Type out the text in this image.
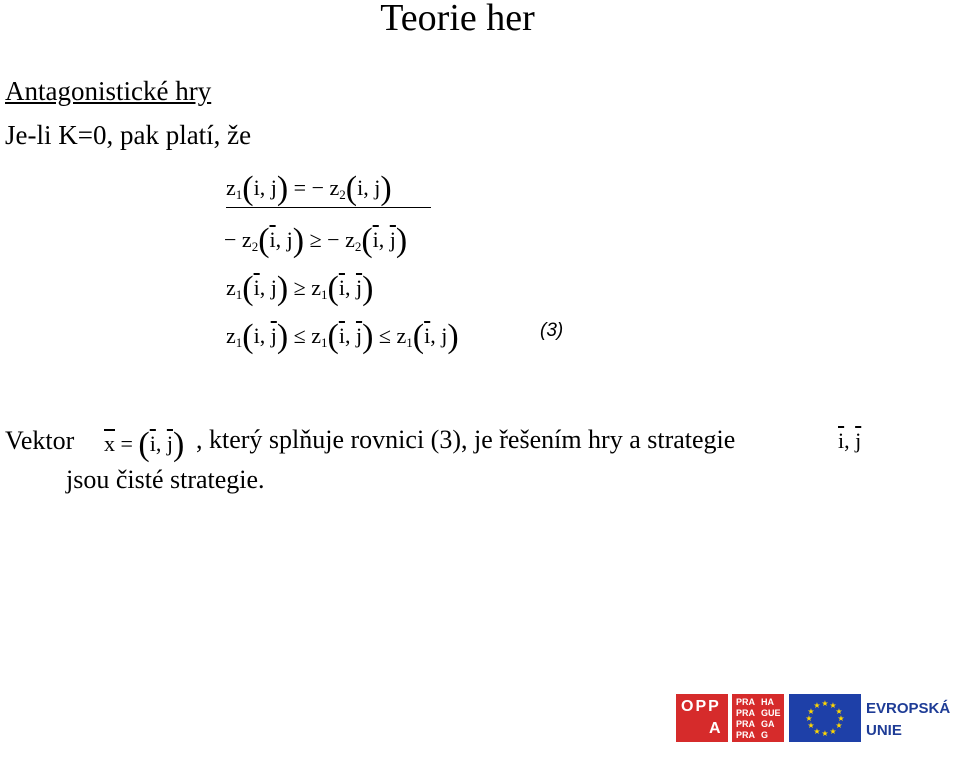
Teorie her
Antagonistické hry
Je-li K=0, pak platí, že
$z_1(i$, j) = − $z_2(i$, j)
− $z_2(\overline{i}$, j) ≥ − $z_2(\overline{i}$, $\overline{j}$)
$z_1(\overline{i}$, $j) \ge z_1(\overline{i}$, $\overline{j}$)
$z_1(i$, $\overline{j}) \le z_1(\overline{i}$, $\overline{j}) \le z_1(\overline{i}$, j)	(3)
Vektor $\overline{x} = (\overline{i}$, $\overline{j}$) , který splňuje rovnici (3), je řešením hry a strategie	$\overline{i}$, $\overline{j}$
jsou čisté strategie.
OPP
A
PRA
PRA
PRA
PRA
HA
GUE
GA
G
★ ★
★
★
★
★
★
★
★
★
★
★	EVROPSKÁ
UNIE
